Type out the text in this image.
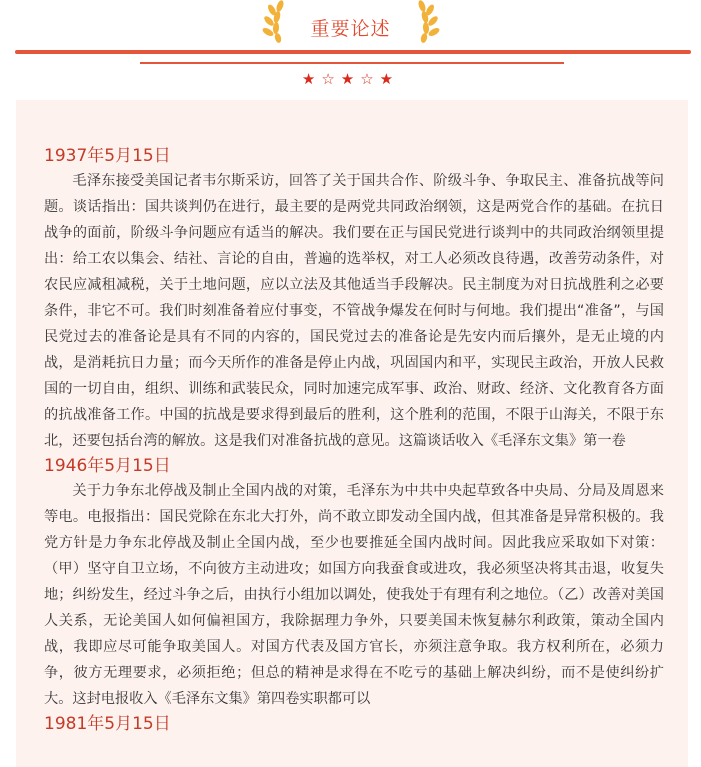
重要论述
★☆★☆★
1937年5月15日

毛泽东接受美国记者韦尔斯采访，回答了关于国共合作、阶级斗争、争取民主、准备抗战等问题。谈话指出：国共谈判仍在进行，最主要的是两党共同政治纲领，这是两党合作的基础。在抗日战争的面前，阶级斗争问题应有适当的解决。我们要在正与国民党进行谈判中的共同政治纲领里提出：给工农以集会、结社、言论的自由，普遍的选举权，对工人必须改良待遇，改善劳动条件，对农民应减租减税，关于土地问题，应以立法及其他适当手段解决。民主制度为对日抗战胜利之必要条件，非它不可。我们时刻准备着应付事变，不管战争爆发在何时与何地。我们提出“准备”，与国民党过去的准备论是具有不同的内容的，国民党过去的准备论是先安内而后攘外，是无止境的内战，是消耗抗日力量；而今天所作的准备是停止内战，巩固国内和平，实现民主政治，开放人民救国的一切自由，组织、训练和武装民众，同时加速完成军事、政治、财政、经济、文化教育各方面的抗战准备工作。中国的抗战是要求得到最后的胜利，这个胜利的范围，不限于山海关，不限于东北，还要包括台湾的解放。这是我们对准备抗战的意见。这篇谈话收入《毛泽东文集》第一卷

1946年5月15日

关于力争东北停战及制止全国内战的对策，毛泽东为中共中央起草致各中央局、分局及周恩来等电。电报指出：国民党除在东北大打外，尚不敢立即发动全国内战，但其准备是异常积极的。我党方针是力争东北停战及制止全国内战，至少也要推延全国内战时间。因此我应采取如下对策：（甲）坚守自卫立场，不向彼方主动进攻；如国方向我蚕食或进攻，我必须坚决将其击退，收复失地；纠纷发生，经过斗争之后，由执行小组加以调处，使我处于有理有利之地位。（乙）改善对美国人关系，无论美国人如何偏袒国方，我除据理力争外，只要美国未恢复赫尔利政策，策动全国内战，我即应尽可能争取美国人。对国方代表及国方官长，亦须注意争取。我方权利所在，必须力争，彼方无理要求，必须拒绝；但总的精神是求得在不吃亏的基础上解决纠纷，而不是使纠纷扩大。这封电报收入《毛泽东文集》第四卷实职都可以

1981年5月15日
